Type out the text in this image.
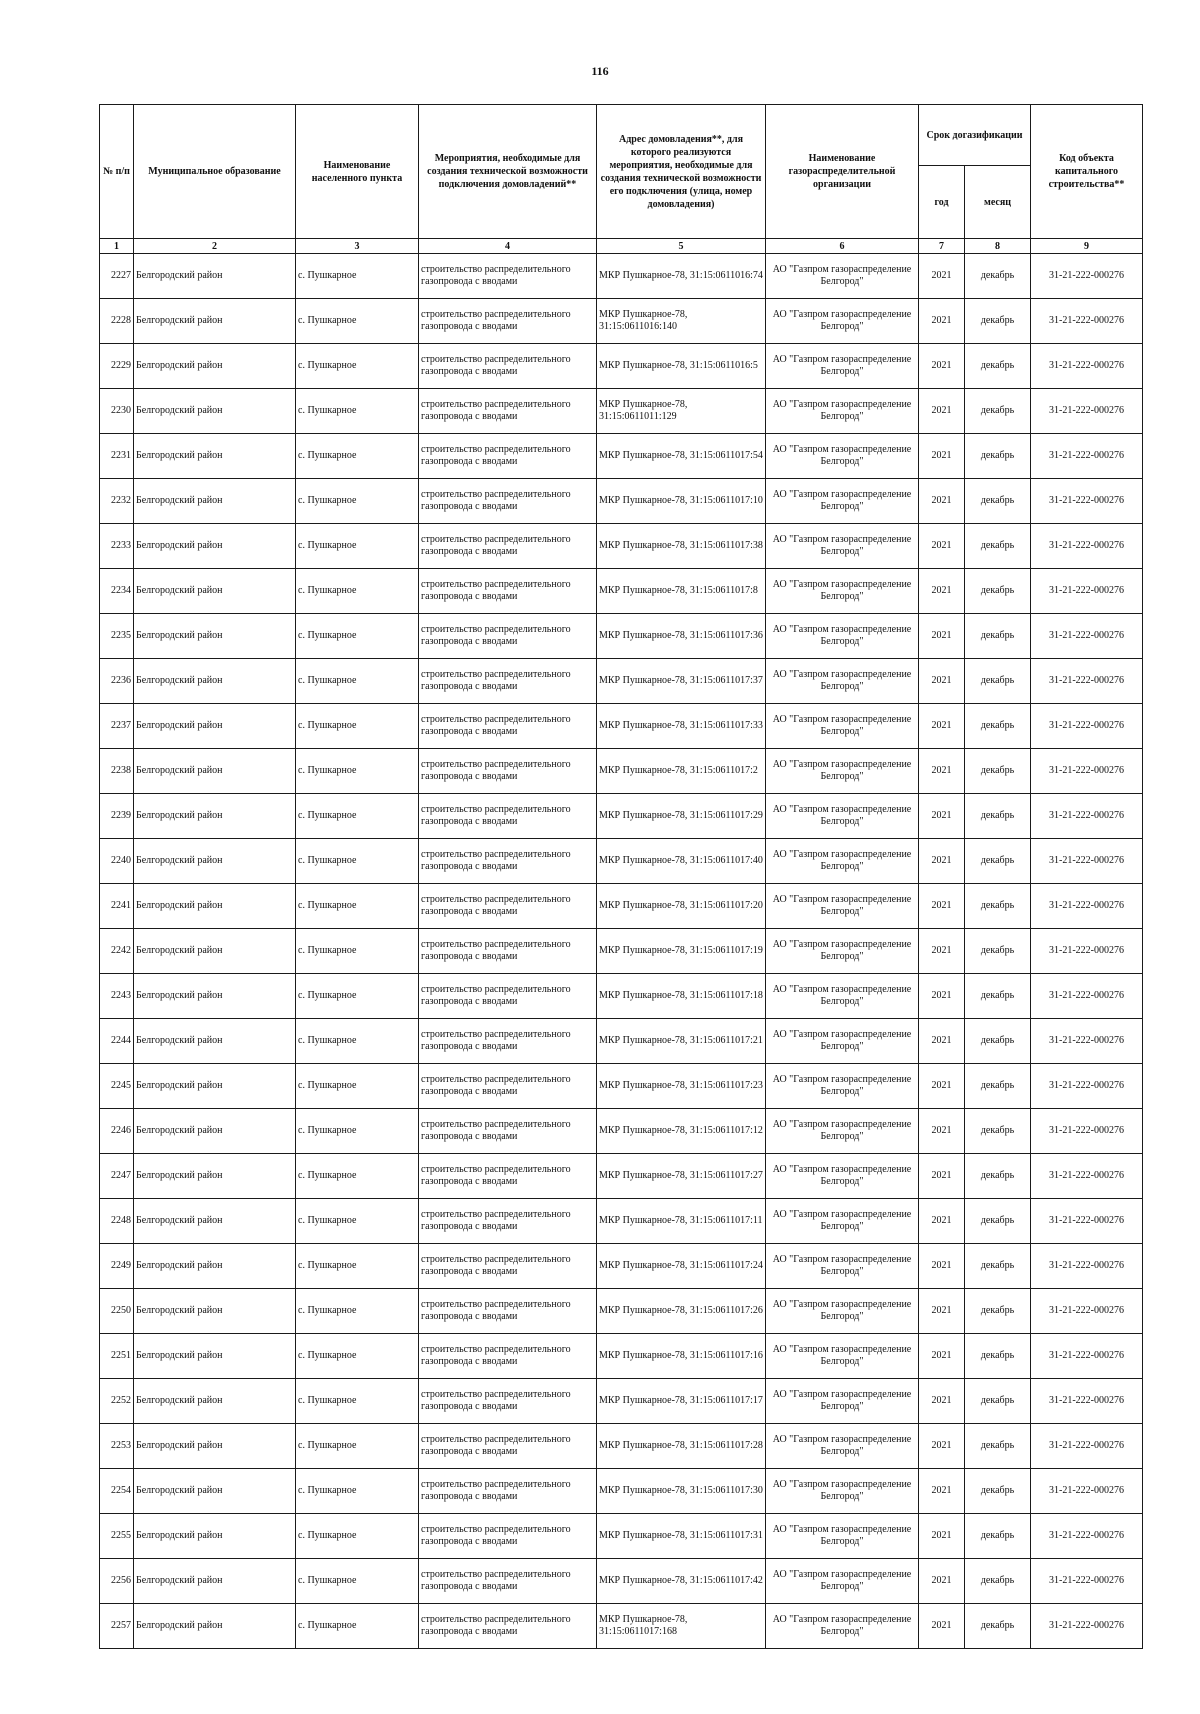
116
№ п/п	Муниципальное образование	Наименование населенного пункта	Мероприятия, необходимые для создания технической возможности подключения домовладений**	Адрес домовладения**, для которого реализуются мероприятия, необходимые для создания технической возможности его подключения (улица, номер домовладения)	Наименование газораспределительной организации	Срок догазификации		Код объекта капитального строительства**
						год	месяц	
1	2	3	4	5	6	7	8	9
2227	Белгородский район	с. Пушкарное	строительство распределительного газопровода с вводами	МКР Пушкарное-78, 31:15:0611016:74	АО "Газпром газораспределение Белгород"	2021	декабрь	31-21-222-000276
2228	Белгородский район	с. Пушкарное	строительство распределительного газопровода с вводами	МКР Пушкарное-78, 31:15:0611016:140	АО "Газпром газораспределение Белгород"	2021	декабрь	31-21-222-000276
2229	Белгородский район	с. Пушкарное	строительство распределительного газопровода с вводами	МКР Пушкарное-78, 31:15:0611016:5	АО "Газпром газораспределение Белгород"	2021	декабрь	31-21-222-000276
2230	Белгородский район	с. Пушкарное	строительство распределительного газопровода с вводами	МКР Пушкарное-78, 31:15:0611011:129	АО "Газпром газораспределение Белгород"	2021	декабрь	31-21-222-000276
2231	Белгородский район	с. Пушкарное	строительство распределительного газопровода с вводами	МКР Пушкарное-78, 31:15:0611017:54	АО "Газпром газораспределение Белгород"	2021	декабрь	31-21-222-000276
2232	Белгородский район	с. Пушкарное	строительство распределительного газопровода с вводами	МКР Пушкарное-78, 31:15:0611017:10	АО "Газпром газораспределение Белгород"	2021	декабрь	31-21-222-000276
2233	Белгородский район	с. Пушкарное	строительство распределительного газопровода с вводами	МКР Пушкарное-78, 31:15:0611017:38	АО "Газпром газораспределение Белгород"	2021	декабрь	31-21-222-000276
2234	Белгородский район	с. Пушкарное	строительство распределительного газопровода с вводами	МКР Пушкарное-78, 31:15:0611017:8	АО "Газпром газораспределение Белгород"	2021	декабрь	31-21-222-000276
2235	Белгородский район	с. Пушкарное	строительство распределительного газопровода с вводами	МКР Пушкарное-78, 31:15:0611017:36	АО "Газпром газораспределение Белгород"	2021	декабрь	31-21-222-000276
2236	Белгородский район	с. Пушкарное	строительство распределительного газопровода с вводами	МКР Пушкарное-78, 31:15:0611017:37	АО "Газпром газораспределение Белгород"	2021	декабрь	31-21-222-000276
2237	Белгородский район	с. Пушкарное	строительство распределительного газопровода с вводами	МКР Пушкарное-78, 31:15:0611017:33	АО "Газпром газораспределение Белгород"	2021	декабрь	31-21-222-000276
2238	Белгородский район	с. Пушкарное	строительство распределительного газопровода с вводами	МКР Пушкарное-78, 31:15:0611017:2	АО "Газпром газораспределение Белгород"	2021	декабрь	31-21-222-000276
2239	Белгородский район	с. Пушкарное	строительство распределительного газопровода с вводами	МКР Пушкарное-78, 31:15:0611017:29	АО "Газпром газораспределение Белгород"	2021	декабрь	31-21-222-000276
2240	Белгородский район	с. Пушкарное	строительство распределительного газопровода с вводами	МКР Пушкарное-78, 31:15:0611017:40	АО "Газпром газораспределение Белгород"	2021	декабрь	31-21-222-000276
2241	Белгородский район	с. Пушкарное	строительство распределительного газопровода с вводами	МКР Пушкарное-78, 31:15:0611017:20	АО "Газпром газораспределение Белгород"	2021	декабрь	31-21-222-000276
2242	Белгородский район	с. Пушкарное	строительство распределительного газопровода с вводами	МКР Пушкарное-78, 31:15:0611017:19	АО "Газпром газораспределение Белгород"	2021	декабрь	31-21-222-000276
2243	Белгородский район	с. Пушкарное	строительство распределительного газопровода с вводами	МКР Пушкарное-78, 31:15:0611017:18	АО "Газпром газораспределение Белгород"	2021	декабрь	31-21-222-000276
2244	Белгородский район	с. Пушкарное	строительство распределительного газопровода с вводами	МКР Пушкарное-78, 31:15:0611017:21	АО "Газпром газораспределение Белгород"	2021	декабрь	31-21-222-000276
2245	Белгородский район	с. Пушкарное	строительство распределительного газопровода с вводами	МКР Пушкарное-78, 31:15:0611017:23	АО "Газпром газораспределение Белгород"	2021	декабрь	31-21-222-000276
2246	Белгородский район	с. Пушкарное	строительство распределительного газопровода с вводами	МКР Пушкарное-78, 31:15:0611017:12	АО "Газпром газораспределение Белгород"	2021	декабрь	31-21-222-000276
2247	Белгородский район	с. Пушкарное	строительство распределительного газопровода с вводами	МКР Пушкарное-78, 31:15:0611017:27	АО "Газпром газораспределение Белгород"	2021	декабрь	31-21-222-000276
2248	Белгородский район	с. Пушкарное	строительство распределительного газопровода с вводами	МКР Пушкарное-78, 31:15:0611017:11	АО "Газпром газораспределение Белгород"	2021	декабрь	31-21-222-000276
2249	Белгородский район	с. Пушкарное	строительство распределительного газопровода с вводами	МКР Пушкарное-78, 31:15:0611017:24	АО "Газпром газораспределение Белгород"	2021	декабрь	31-21-222-000276
2250	Белгородский район	с. Пушкарное	строительство распределительного газопровода с вводами	МКР Пушкарное-78, 31:15:0611017:26	АО "Газпром газораспределение Белгород"	2021	декабрь	31-21-222-000276
2251	Белгородский район	с. Пушкарное	строительство распределительного газопровода с вводами	МКР Пушкарное-78, 31:15:0611017:16	АО "Газпром газораспределение Белгород"	2021	декабрь	31-21-222-000276
2252	Белгородский район	с. Пушкарное	строительство распределительного газопровода с вводами	МКР Пушкарное-78, 31:15:0611017:17	АО "Газпром газораспределение Белгород"	2021	декабрь	31-21-222-000276
2253	Белгородский район	с. Пушкарное	строительство распределительного газопровода с вводами	МКР Пушкарное-78, 31:15:0611017:28	АО "Газпром газораспределение Белгород"	2021	декабрь	31-21-222-000276
2254	Белгородский район	с. Пушкарное	строительство распределительного газопровода с вводами	МКР Пушкарное-78, 31:15:0611017:30	АО "Газпром газораспределение Белгород"	2021	декабрь	31-21-222-000276
2255	Белгородский район	с. Пушкарное	строительство распределительного газопровода с вводами	МКР Пушкарное-78, 31:15:0611017:31	АО "Газпром газораспределение Белгород"	2021	декабрь	31-21-222-000276
2256	Белгородский район	с. Пушкарное	строительство распределительного газопровода с вводами	МКР Пушкарное-78, 31:15:0611017:42	АО "Газпром газораспределение Белгород"	2021	декабрь	31-21-222-000276
2257	Белгородский район	с. Пушкарное	строительство распределительного газопровода с вводами	МКР Пушкарное-78, 31:15:0611017:168	АО "Газпром газораспределение Белгород"	2021	декабрь	31-21-222-000276
